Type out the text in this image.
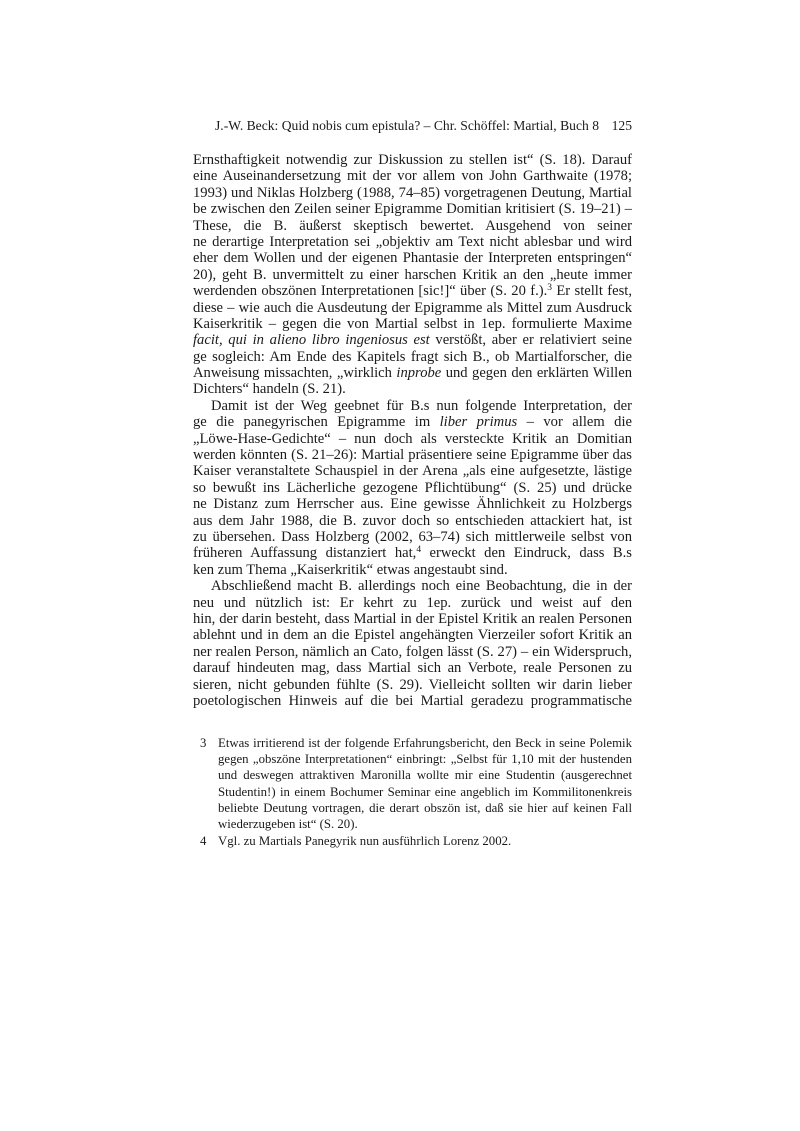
J.-W. Beck: Quid nobis cum epistula? – Chr. Schöffel: Martial, Buch 8 125
Ernsthaftigkeit notwendig zur Diskussion zu stellen ist“ (S. 18). Darauf
eine Auseinandersetzung mit der vor allem von John Garthwaite (1978;
1993) und Niklas Holzberg (1988, 74–85) vorgetragenen Deutung, Martial
be zwischen den Zeilen seiner Epigramme Domitian kritisiert (S. 19–21) –
These, die B. äußerst skeptisch bewertet. Ausgehend von seiner
ne derartige Interpretation sei „objektiv am Text nicht ablesbar und wird
eher dem Wollen und der eigenen Phantasie der Interpreten entspringen“
20), geht B. unvermittelt zu einer harschen Kritik an den „heute immer
werdenden obszönen Interpretationen [sic!]“ über (S. 20 f.).$^3$ Er stellt fest,
diese – wie auch die Ausdeutung der Epigramme als Mittel zum Ausdruck
Kaiserkritik – gegen die von Martial selbst in 1ep. formulierte Maxime
facit, qui in alieno libro ingeniosus est verstößt, aber er relativiert seine
ge sogleich: Am Ende des Kapitels fragt sich B., ob Martialforscher, die
Anweisung missachten, „wirklich inprobe und gegen den erklärten Willen
Dichters“ handeln (S. 21).
Damit ist der Weg geebnet für B.s nun folgende Interpretation, der
ge die panegyrischen Epigramme im liber primus – vor allem die
„Löwe-Hase-Gedichte“ – nun doch als versteckte Kritik an Domitian
werden könnten (S. 21–26): Martial präsentiere seine Epigramme über das
Kaiser veranstaltete Schauspiel in der Arena „als eine aufgesetzte, lästige
so bewußt ins Lächerliche gezogene Pflichtübung“ (S. 25) und drücke
ne Distanz zum Herrscher aus. Eine gewisse Ähnlichkeit zu Holzbergs
aus dem Jahr 1988, die B. zuvor doch so entschieden attackiert hat, ist
zu übersehen. Dass Holzberg (2002, 63–74) sich mittlerweile selbst von
früheren Auffassung distanziert hat,$^4$ erweckt den Eindruck, dass B.s
ken zum Thema „Kaiserkritik“ etwas angestaubt sind.
Abschließend macht B. allerdings noch eine Beobachtung, die in der
neu und nützlich ist: Er kehrt zu 1ep. zurück und weist auf den
hin, der darin besteht, dass Martial in der Epistel Kritik an realen Personen
ablehnt und in dem an die Epistel angehängten Vierzeiler sofort Kritik an
ner realen Person, nämlich an Cato, folgen lässt (S. 27) – ein Widerspruch,
darauf hindeuten mag, dass Martial sich an Verbote, reale Personen zu
sieren, nicht gebunden fühlte (S. 29). Vielleicht sollten wir darin lieber
poetologischen Hinweis auf die bei Martial geradezu programmatische
3 Etwas irritierend ist der folgende Erfahrungsbericht, den Beck in seine Polemik
gegen „obszöne Interpretationen“ einbringt: „Selbst für 1,10 mit der hustenden
und deswegen attraktiven Maronilla wollte mir eine Studentin (ausgerechnet
Studentin!) in einem Bochumer Seminar eine angeblich im Kommilitonenkreis
beliebte Deutung vortragen, die derart obszön ist, daß sie hier auf keinen Fall
wiederzugeben ist“ (S. 20).
4 Vgl. zu Martials Panegyrik nun ausführlich Lorenz 2002.
